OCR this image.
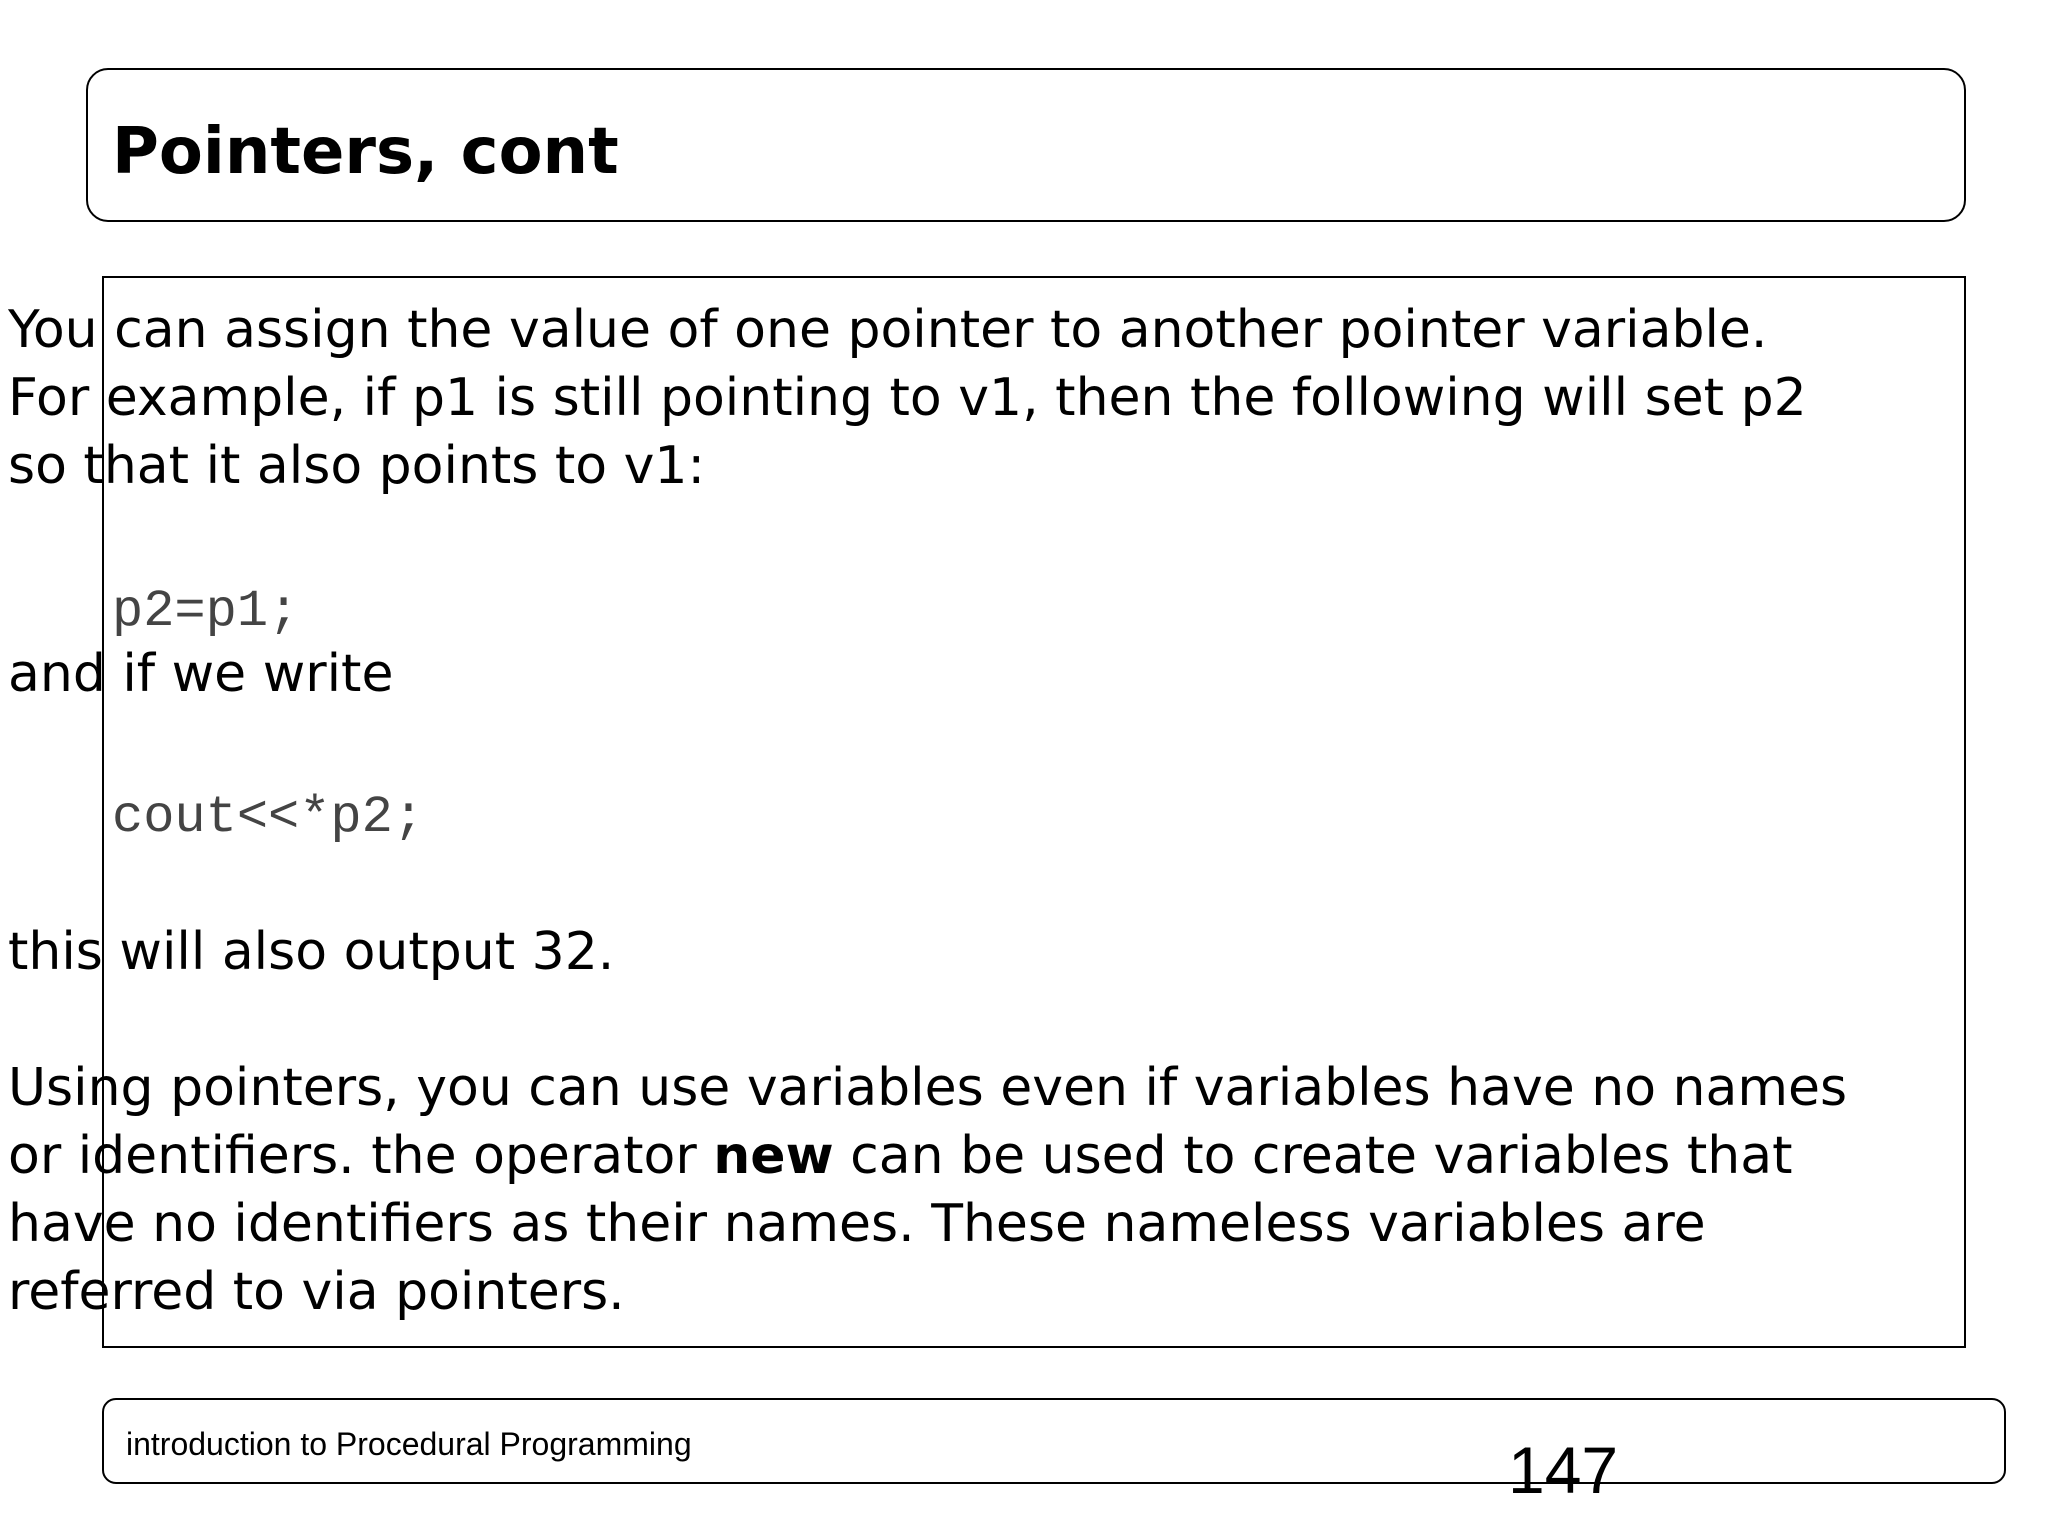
Pointers, cont
You can assign the value of one pointer to another pointer variable.
For example, if p1 is still pointing to v1, then the following will set p2
so that it also points to v1:
p2=p1;
and if we write
cout<<*p2;
this will also output 32.
Using pointers, you can use variables even if variables have no names
or identifiers. the operator new can be used to create variables that
have no identifiers as their names. These nameless variables are
referred to via pointers.
introduction to Procedural Programming	147
